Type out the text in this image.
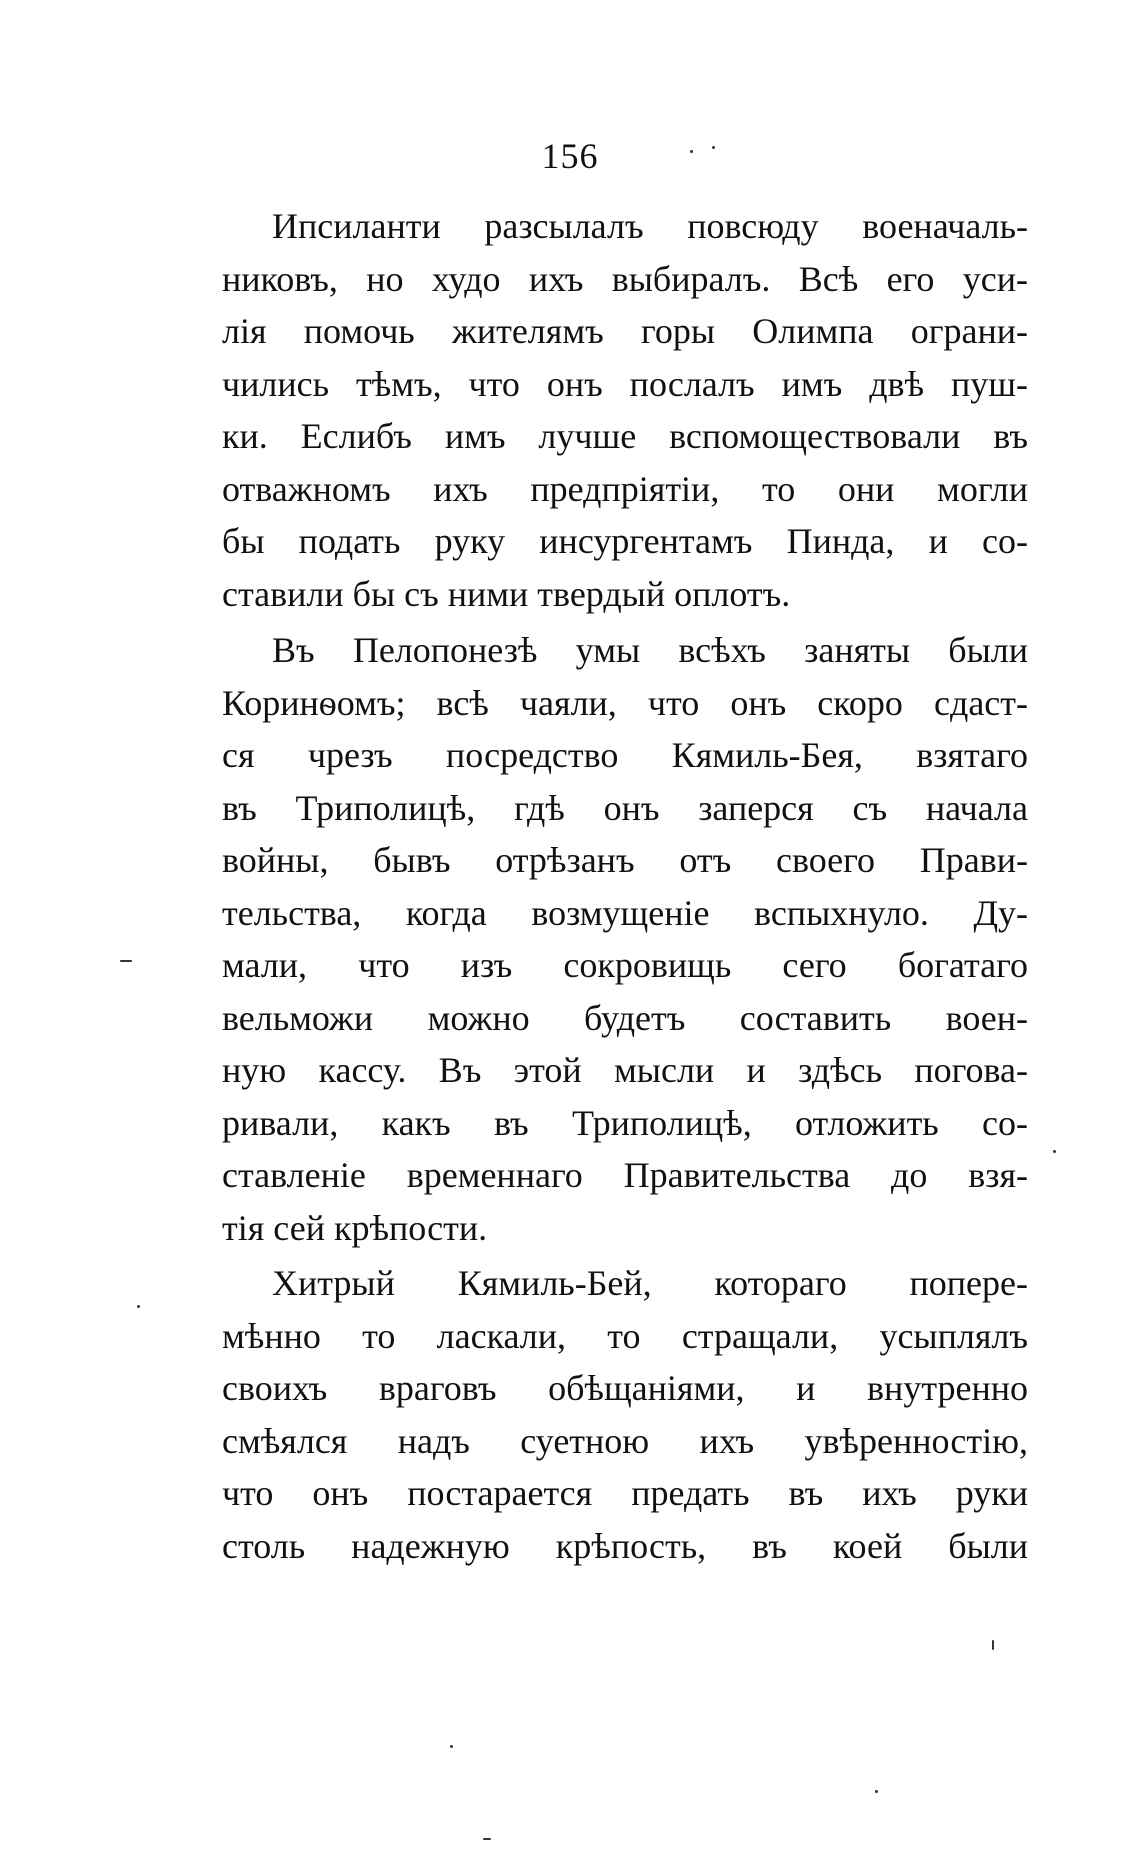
156
Ипсиланти разсылалъ повсюду военачаль-
никовъ, но худо ихъ выбиралъ. Всѣ его уси-
лія помочь жителямъ горы Олимпа ограни-
чились тѣмъ, что онъ послалъ имъ двѣ пуш-
ки. Еслибъ имъ лучше вспомоществовали въ
отважномъ ихъ предпріятіи, то они могли
бы подать руку инсургентамъ Пинда, и со-
ставили бы съ ними твердый оплотъ.
Въ Пелопонезѣ умы всѣхъ заняты были
Коринѳомъ; всѣ чаяли, что онъ скоро сдаст-
ся чрезъ посредство Кямиль-Бея, взятаго
въ Триполицѣ, гдѣ онъ заперся съ начала
войны, бывъ отрѣзанъ отъ своего Прави-
тельства, когда возмущеніе вспыхнуло. Ду-
мали, что изъ сокровищь сего богатаго
вельможи можно будетъ составить воен-
ную кассу. Въ этой мысли и здѣсь погова-
ривали, какъ въ Триполицѣ, отложить со-
ставленіе временнаго Правительства до взя-
тія сей крѣпости.
Хитрый Кямиль-Бей, котораго попере-
мѣнно то ласкали, то стращали, усыплялъ
своихъ враговъ обѣщаніями, и внутренно
смѣялся надъ суетною ихъ увѣренностію,
что онъ постарается предать въ ихъ руки
столь надежную крѣпость, въ коей были
